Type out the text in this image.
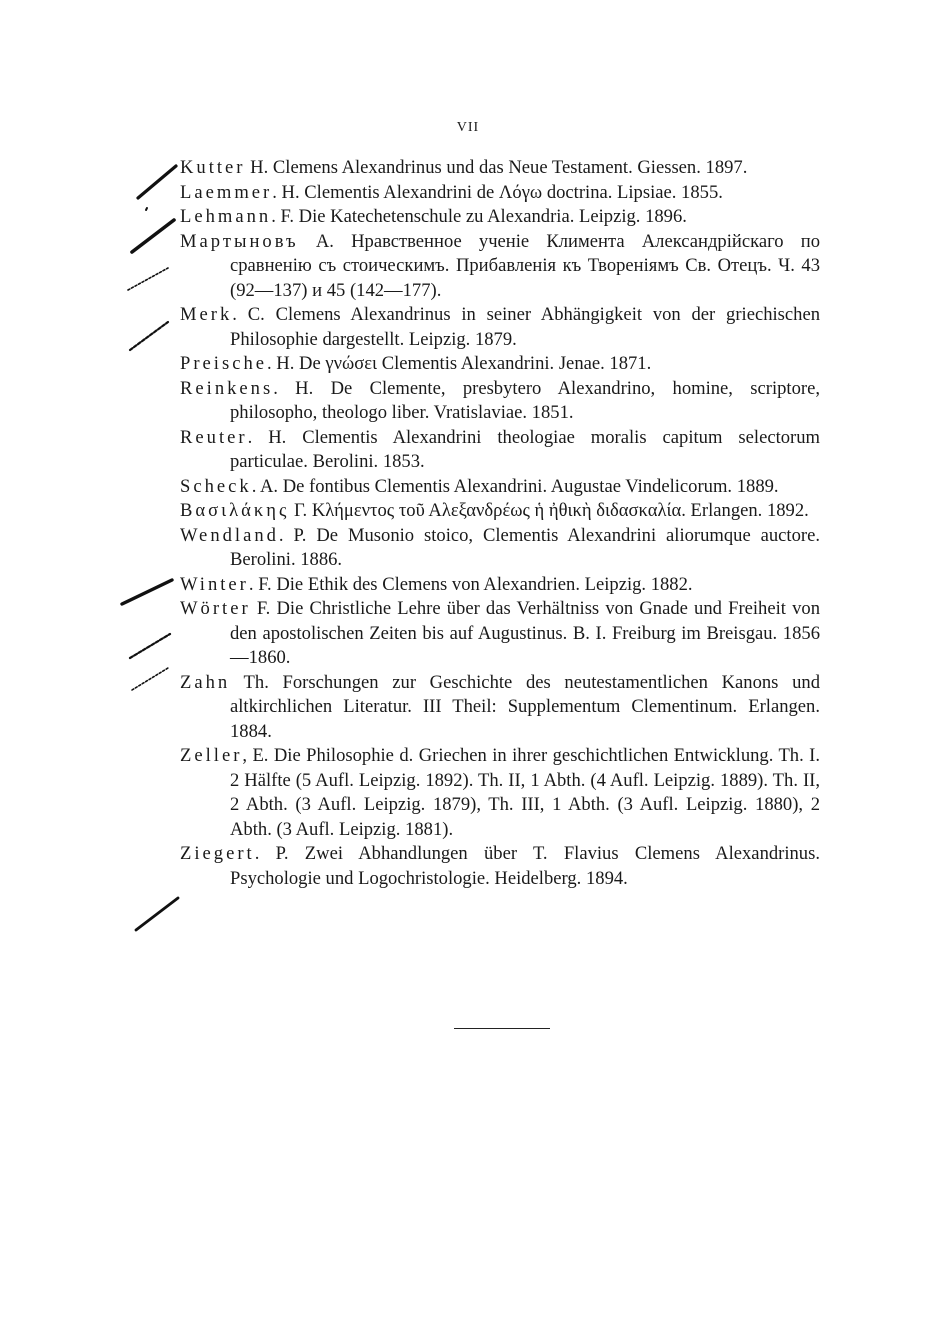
VII

Kutter H. Clemens Alexandrinus und das Neue Testament. Giessen. 1897.

Laemmer. H. Clementis Alexandrini de Λόγω doctrina. Lipsiae. 1855.

Lehmann. F. Die Katechetenschule zu Alexandria. Leipzig. 1896.

Мартыновъ А. Нравственное ученіе Климента Александрійскаго по сравненію съ стоическимъ. Прибавленія къ Твореніямъ Св. Отецъ. Ч. 43 (92—137) и 45 (142—177).

Merk. C. Clemens Alexandrinus in seiner Abhängigkeit von der griechischen Philosophie dargestellt. Leipzig. 1879.

Preische. H. De γνώσει Clementis Alexandrini. Jenae. 1871.

Reinkens. H. De Clemente, presbytero Alexandrino, homine, scriptore, philosopho, theologo liber. Vratislaviae. 1851.

Reuter. H. Clementis Alexandrini theologiae moralis capitum selectorum particulae. Berolini. 1853.

Scheck. A. De fontibus Clementis Alexandrini. Augustae Vindelicorum. 1889.

Βασιλάκης Γ. Κλήμεντος τοῦ Αλεξανδρέως ἡ ἠθικὴ διδασκαλία. Erlangen. 1892.

Wendland. P. De Musonio stoico, Clementis Alexandrini aliorumque auctore. Berolini. 1886.

Winter. F. Die Ethik des Clemens von Alexandrien. Leipzig. 1882.

Wörter F. Die Christliche Lehre über das Verhältniss von Gnade und Freiheit von den apostolischen Zeiten bis auf Augustinus. B. I. Freiburg im Breisgau. 1856—1860.

Zahn Th. Forschungen zur Geschichte des neutestamentlichen Kanons und altkirchlichen Literatur. III Theil: Supplementum Clementinum. Erlangen. 1884.

Zeller, E. Die Philosophie d. Griechen in ihrer geschichtlichen Entwicklung. Th. I. 2 Hälfte (5 Aufl. Leipzig. 1892). Th. II, 1 Abth. (4 Aufl. Leipzig. 1889). Th. II, 2 Abth. (3 Aufl. Leipzig. 1879), Th. III, 1 Abth. (3 Aufl. Leipzig. 1880), 2 Abth. (3 Aufl. Leipzig. 1881).

Ziegert. P. Zwei Abhandlungen über T. Flavius Clemens Alexandrinus. Psychologie und Logochristologie. Heidelberg. 1894.
